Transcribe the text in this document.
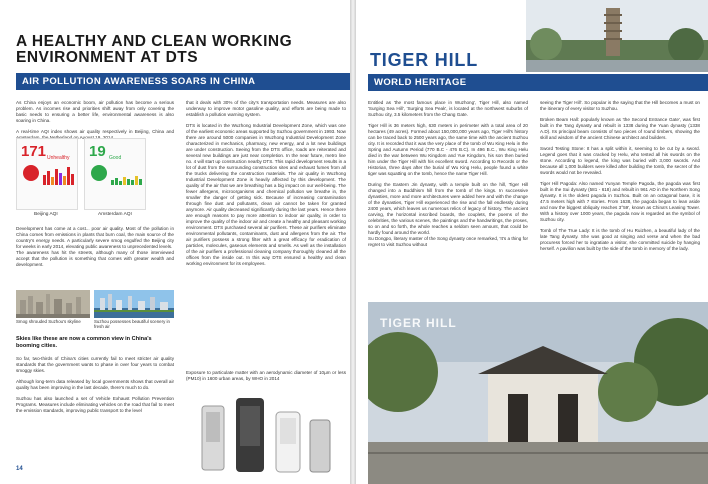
A HEALTHY AND CLEAN WORKING
ENVIRONMENT AT DTS
AIR POLLUTION AWARENESS SOARS IN CHINA

As China enjoys an economic boom, air pollution has become a serious problem. As incomes rise and priorities shift away from only covering the basic needs to ensuring a better life, environmental awareness is also soaring in China.

A real-time AQI index shows air quality respectively in Beijing, China and

171 Unhealthy 19 Good
Beijing AQI	Amsterdam AQI

Development has come at a cost... poor air quality. Most of the pollution in China comes from emissions in plants that burn coal, the main source of the country's energy needs. A particularly severe smog engulfed the Beijing city for weeks in early 2014, elevating public awareness to unprecedented levels.

The awareness has hit the streets, although many of those interviewed accept that the pollution is something that comes with greater wealth and development.

Smog shrouded Suzhou's skyline	Suzhou possesses beautiful scenery in fresh air
Skies like these are now a common view in China's booming cities.

So far, two-thirds of China's cities currently fail to meet stricter air quality standards that the government wants to phase in over four years to combat smoggy skies.

Although long-term data released by local governments shows that overall air quality has been improving in the last decade, there's much to do.

Suzhou has also launched a set of Vehicle Exhaust Pollution Prevention Programs. Measures include eliminating vehicles on the road that fail to meet the emission standards, improving public transport to the level

that it deals with 30% of the city's transportation needs. Measures are also underway to improve motor gasoline quality, and efforts are being made to establish a pollution warning system.

DTS is located in the Wuzhong Industrial Development Zone, which was one of the earliest economic areas supported by Suzhou government in 1993. Now there are around 5000 companies in Wuzhong Industrial Development Zone characterized in mechanics, pharmacy, new energy, and a lot new buildings are under construction. Seeing from the DTS office, roads are reiterated and several new buildings are just near completion. In the near future, metro line no. 4 will start up construction nearby DTS. This rapid development results in a lot of dust from the surrounding construction sites and exhaust fumes from all the trucks delivering the construction materials. The air quality in Wuzhong Industrial Development Zone is heavily affected by this development. The quality of the air that we are breathing has a big impact on our well-being. The fewer allergens, microorganisms and chemical pollution we breathe in, the smaller the danger of getting sick. Because of increasing contamination through fine dust and pollutants, clean air cannot be taken for granted anymore. Air quality decreased significantly during the last years. Hence there are enough reasons to pay more attention to indoor air quality, in order to improve the quality of the indoor air and create a healthy and pleasant working environment. DTS purchased several air purifiers. These air purifiers eliminate environmental pollutants, contaminants, dust and allergens from the air. The air purifiers possess a strong filter with a great efficacy for eradication of particles, molecules, gaseous elements and smells. As well as the installation of the air purifiers a professional cleaning company thoroughly cleaned all the offices from the inside out. In this way DTS ensured a healthy and clean working environment for its employees.

Exposure to particulate matter with an aerodynamic diameter of 10µm or less (PM10) in 1600 urban areas, by WHO in 2014

14
TIGER HILL
WORLD HERITAGE

Entitled as 'the most famous place in Wuzhong', Tiger Hill, also named 'Surging Sea Hill', 'Surging Sea Peak', is located at the northwest suburbs of Suzhou city, 3.5 kilometers from the Chang Gate.

Tiger Hill is 36 meters high, 630 meters in perimeter with a total area of 20 hectares (49 acres). Formed about 150,000,000 years ago, Tiger Hill's history can be traced back to 2500 years ago, the same time with the ancient Suzhou city. It is recorded that it was the very place of the tomb of Wu King Helu in the Spring and Autumn Period (770 B.C - 476 B.C). In 496 B.C., Wu King Helu died in the war between Wu Kingdom and Yue Kingdom, his son then buried him under the Tiger Hill with his excellent sword. According to Records or the Historian, three days after the burial of Wu King Helu, people found a white tiger was squatting on the tomb, hence the name Tiger Hill.

During the Eastern Jin dynasty, with a temple built on the hill, Tiger Hill changed into a Buddhism hill from the tomb of the kings. In successive dynasties, more and more architectures were added here and with the change of the dynasties, Tiger Hill experienced the rise and the fall endlessly during 2400 years, which leaves us numerous relics of legacy of history. The ancient carving, the horizontal inscribed boards, the couplets, the poems of the celebrities, the various scenes, the paintings and the handwritings, the proses, so on and so forth, the whole reaches a seldom seen amount, that could be hardly found around the world.

Su Dongpo, literary master of the Song dynasty once remarked, 'It's a thing for regret to visit Suzhou without

seeing the Tiger Hill'. So popular is the saying that the Hill becomes a must on the itinerary of every visitor to Suzhou.

Broken Beam Hall: popularly known as 'the Second Entrance Gate', was first built in the Tang dynasty and rebuilt in 1338 during the Yuan dynasty (1338 A.D). Its principal beam consists of two pieces of round timbers, showing the skill and wisdom of the ancient Chinese architect and builders.

Sword Testing Stone: It has a split within it, seeming to be cut by a sword. Legend goes that it was cracked by Helu, who tested all his swords on the stone. According to legend, the king was buried with 3,000 swords. And because all 1,000 builders were killed after building the tomb, the secret of the swords would not be revealed.

Tiger Hill Pagoda: Also named Yunyan Temple Pagoda, the pagoda was first built in the Sui dynasty (581 - 618) and rebuilt in 961 AD in the Northern Song dynasty. It is the oldest pagoda in Suzhou. Built on an octagonal base, it is 47.5 meters high with 7 stories. From 1638, the pagoda began to lean aside and now the biggest obliquity reaches 3°59', known as China's Leaning Tower. With a history over 1000 years, the pagoda now is regarded as the symbol of Suzhou city.

Tomb of The True Lady: It is the tomb of Hu Ruizhen, a beautiful lady of the late Tang dynasty. She was good at singing and verse and when the bad procuress forced her to ingratiate a visitor, she committed suicide by hanging herself. A pavilion was built by the side of the tomb in memory of the lady.

TIGER HILL
